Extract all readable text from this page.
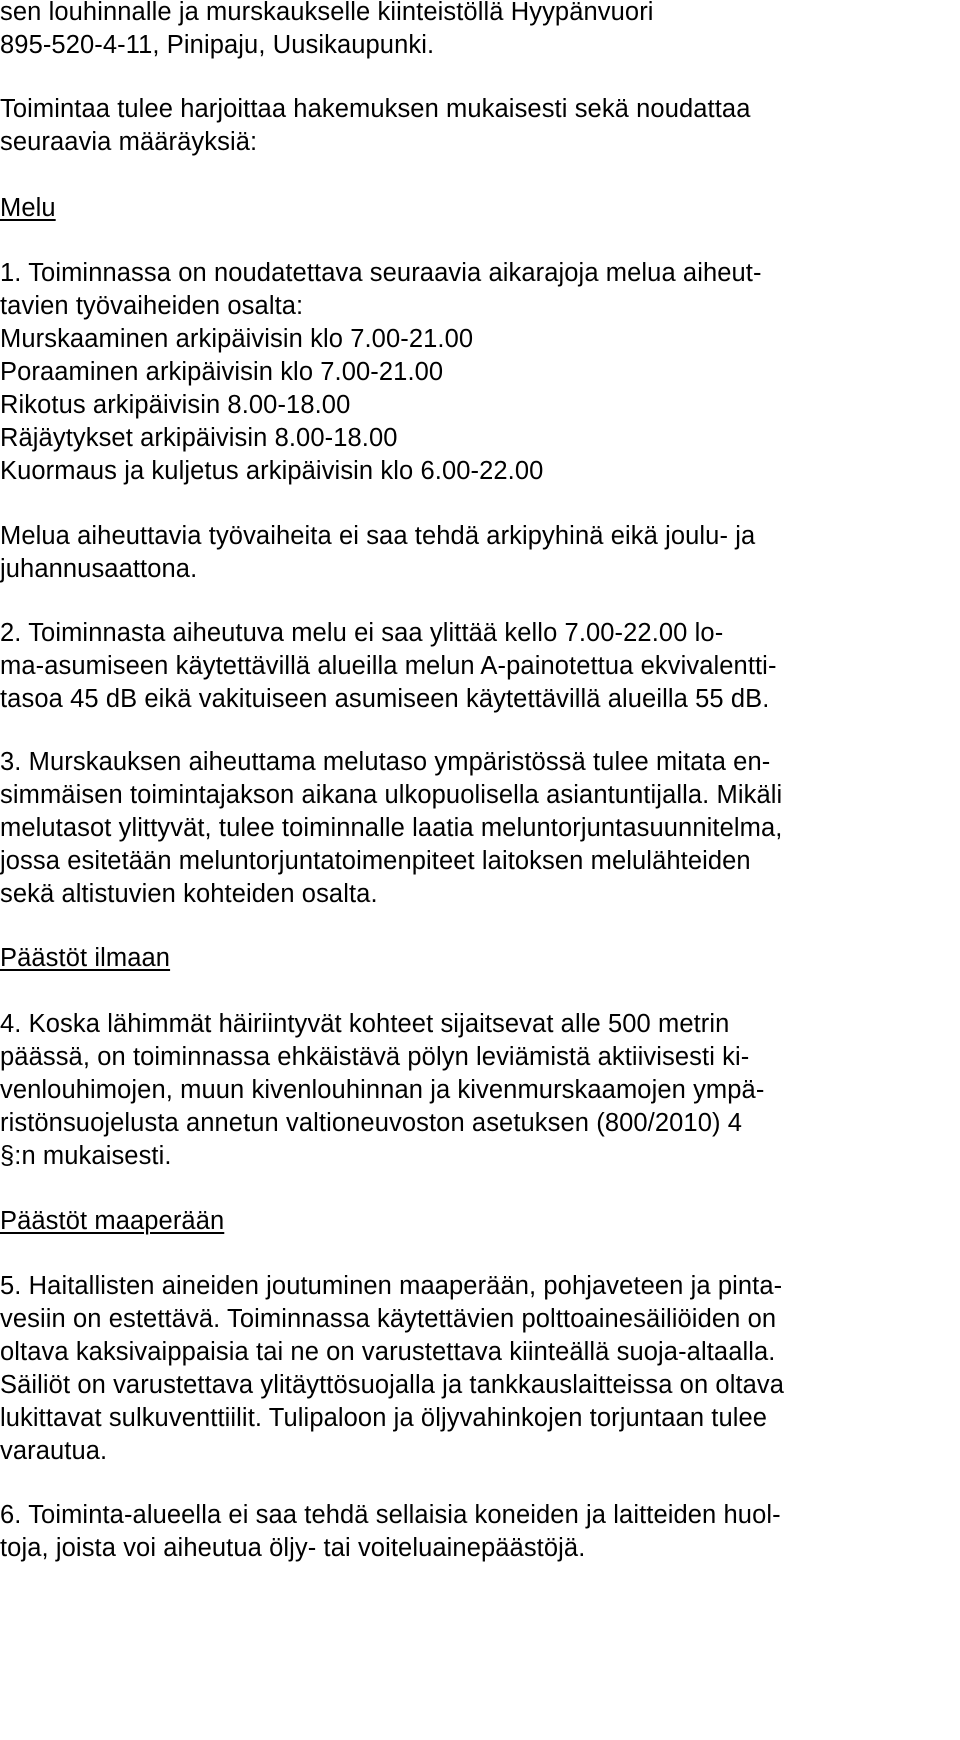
sen louhinnalle ja murskaukselle kiinteistöllä Hyypänvuori
895-520-4-11, Pinipaju, Uusikaupunki.
Toimintaa tulee harjoittaa hakemuksen mukaisesti sekä noudattaa
seuraavia määräyksiä:
Melu
1. Toiminnassa on noudatettava seuraavia aikarajoja melua aiheut-
tavien työvaiheiden osalta:
Murskaaminen arkipäivisin klo 7.00-21.00
Poraaminen arkipäivisin klo 7.00-21.00
Rikotus arkipäivisin 8.00-18.00
Räjäytykset arkipäivisin 8.00-18.00
Kuormaus ja kuljetus arkipäivisin klo 6.00-22.00
Melua aiheuttavia työvaiheita ei saa tehdä arkipyhinä eikä joulu- ja
juhannusaattona.
2. Toiminnasta aiheutuva melu ei saa ylittää kello 7.00-22.00 lo-
ma-asumiseen käytettävillä alueilla melun A-painotettua ekvivalentti-
tasoa 45 dB eikä vakituiseen asumiseen käytettävillä alueilla 55 dB.
3. Murskauksen aiheuttama melutaso ympäristössä tulee mitata en-
simmäisen toimintajakson aikana ulkopuolisella asiantuntijalla. Mikäli
melutasot ylittyvät, tulee toiminnalle laatia meluntorjuntasuunnitelma,
jossa esitetään meluntorjuntatoimenpiteet laitoksen melulähteiden
sekä altistuvien kohteiden osalta.
Päästöt ilmaan
4. Koska lähimmät häiriintyvät kohteet sijaitsevat alle 500 metrin
päässä, on toiminnassa ehkäistävä pölyn leviämistä aktiivisesti ki-
venlouhimojen, muun kivenlouhinnan ja kivenmurskaamojen ympä-
ristönsuojelusta annetun valtioneuvoston asetuksen (800/2010) 4
§:n mukaisesti.
Päästöt maaperään
5. Haitallisten aineiden joutuminen maaperään, pohjaveteen ja pinta-
vesiin on estettävä. Toiminnassa käytettävien polttoainesäiliöiden on
oltava kaksivaippaisia tai ne on varustettava kiinteällä suoja-altaalla.
Säiliöt on varustettava ylitäyttösuojalla ja tankkauslaitteissa on oltava
lukittavat sulkuventtiilit. Tulipaloon ja öljyvahinkojen torjuntaan tulee
varautua.
6. Toiminta-alueella ei saa tehdä sellaisia koneiden ja laitteiden huol-
toja, joista voi aiheutua öljy- tai voiteluainepäästöjä.
